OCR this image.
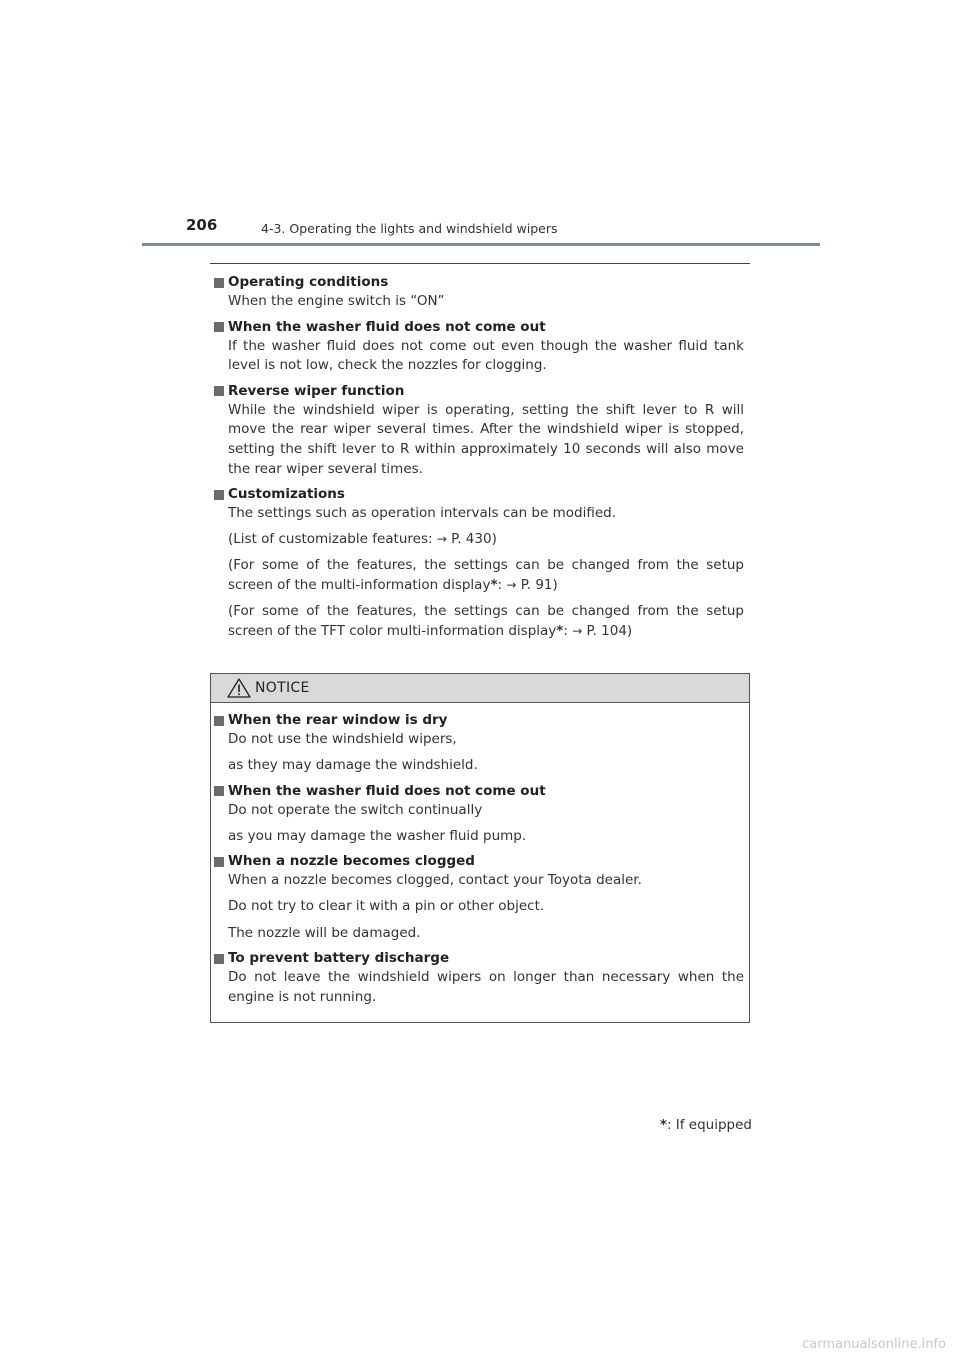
206	4-3. Operating the lights and windshield wipers
Operating conditions
When the engine switch is “ON”
When the washer fluid does not come out
If the washer fluid does not come out even though the washer fluid tank level is not low, check the nozzles for clogging.
Reverse wiper function
While the windshield wiper is operating, setting the shift lever to R will move the rear wiper several times. After the windshield wiper is stopped, setting the shift lever to R within approximately 10 seconds will also move the rear wiper several times.
Customizations
The settings such as operation intervals can be modified.
(List of customizable features: → P. 430)
(For some of the features, the settings can be changed from the setup screen of the multi-information display*: → P. 91)
(For some of the features, the settings can be changed from the setup screen of the TFT color multi-information display*: → P. 104)
NOTICE
When the rear window is dry
Do not use the windshield wipers,
as they may damage the windshield.
When the washer fluid does not come out
Do not operate the switch continually
as you may damage the washer fluid pump.
When a nozzle becomes clogged
When a nozzle becomes clogged, contact your Toyota dealer.
Do not try to clear it with a pin or other object.
The nozzle will be damaged.
To prevent battery discharge
Do not leave the windshield wipers on longer than necessary when the engine is not running.
*: If equipped
carmanualsonline.info
